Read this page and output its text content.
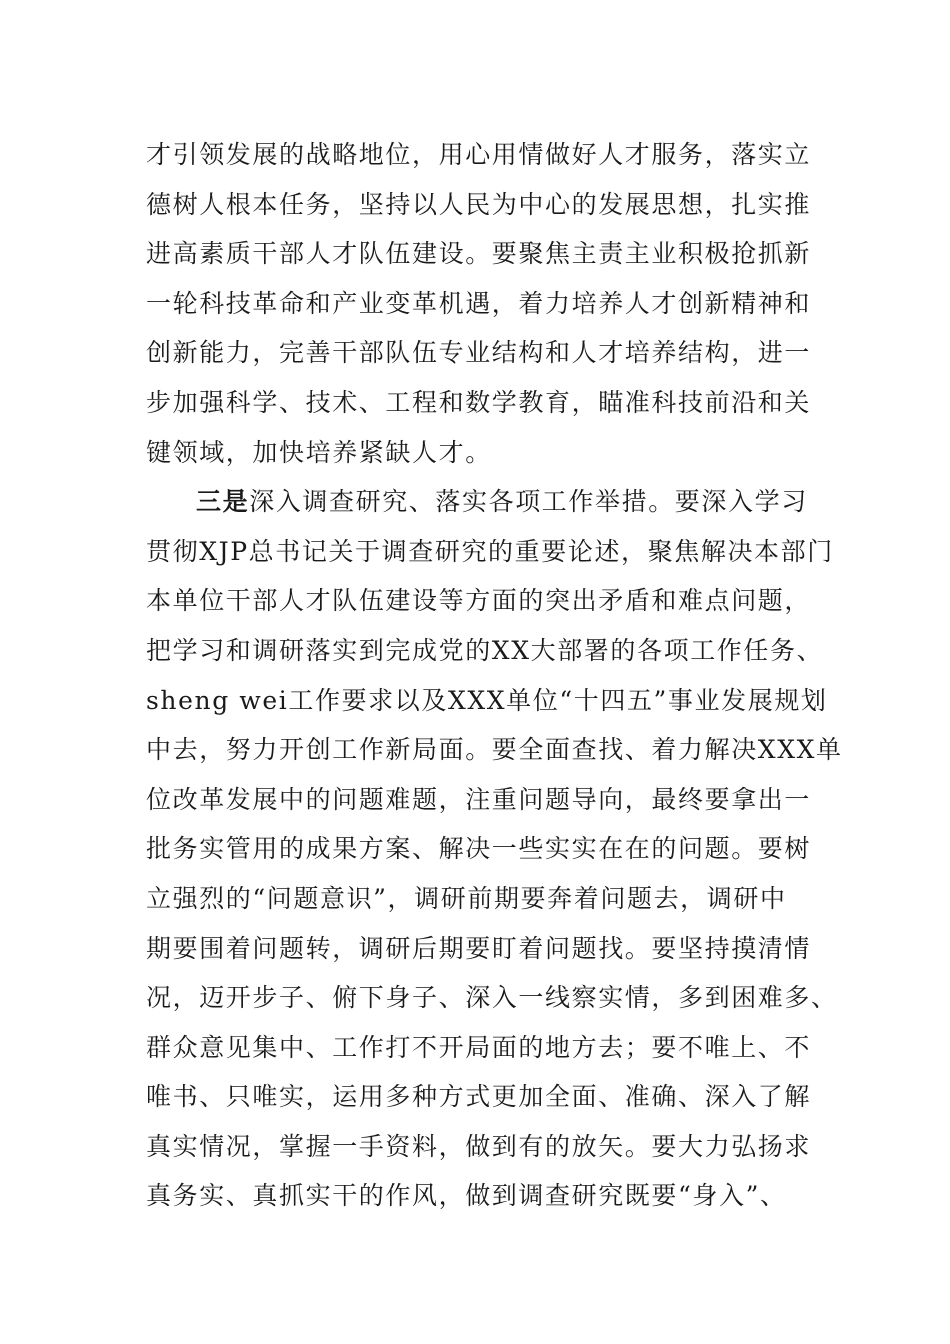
才引领发展的战略地位，用心用情做好人才服务，落实立
德树人根本任务，坚持以人民为中心的发展思想，扎实推
进高素质干部人才队伍建设。要聚焦主责主业积极抢抓新
一轮科技革命和产业变革机遇，着力培养人才创新精神和
创新能力，完善干部队伍专业结构和人才培养结构，进一
步加强科学、技术、工程和数学教育，瞄准科技前沿和关
键领域，加快培养紧缺人才。
三是深入调查研究、落实各项工作举措。要深入学习
贯彻XJP总书记关于调查研究的重要论述，聚焦解决本部门
本单位干部人才队伍建设等方面的突出矛盾和难点问题，
把学习和调研落实到完成党的XX大部署的各项工作任务、
sheng wei工作要求以及XXX单位“十四五”事业发展规划
中去，努力开创工作新局面。要全面查找、着力解决XXX单
位改革发展中的问题难题，注重问题导向，最终要拿出一
批务实管用的成果方案、解决一些实实在在的问题。要树
立强烈的“问题意识”，调研前期要奔着问题去，调研中
期要围着问题转，调研后期要盯着问题找。要坚持摸清情
况，迈开步子、俯下身子、深入一线察实情，多到困难多、
群众意见集中、工作打不开局面的地方去；要不唯上、不
唯书、只唯实，运用多种方式更加全面、准确、深入了解
真实情况，掌握一手资料，做到有的放矢。要大力弘扬求
真务实、真抓实干的作风，做到调查研究既要“身入”、
